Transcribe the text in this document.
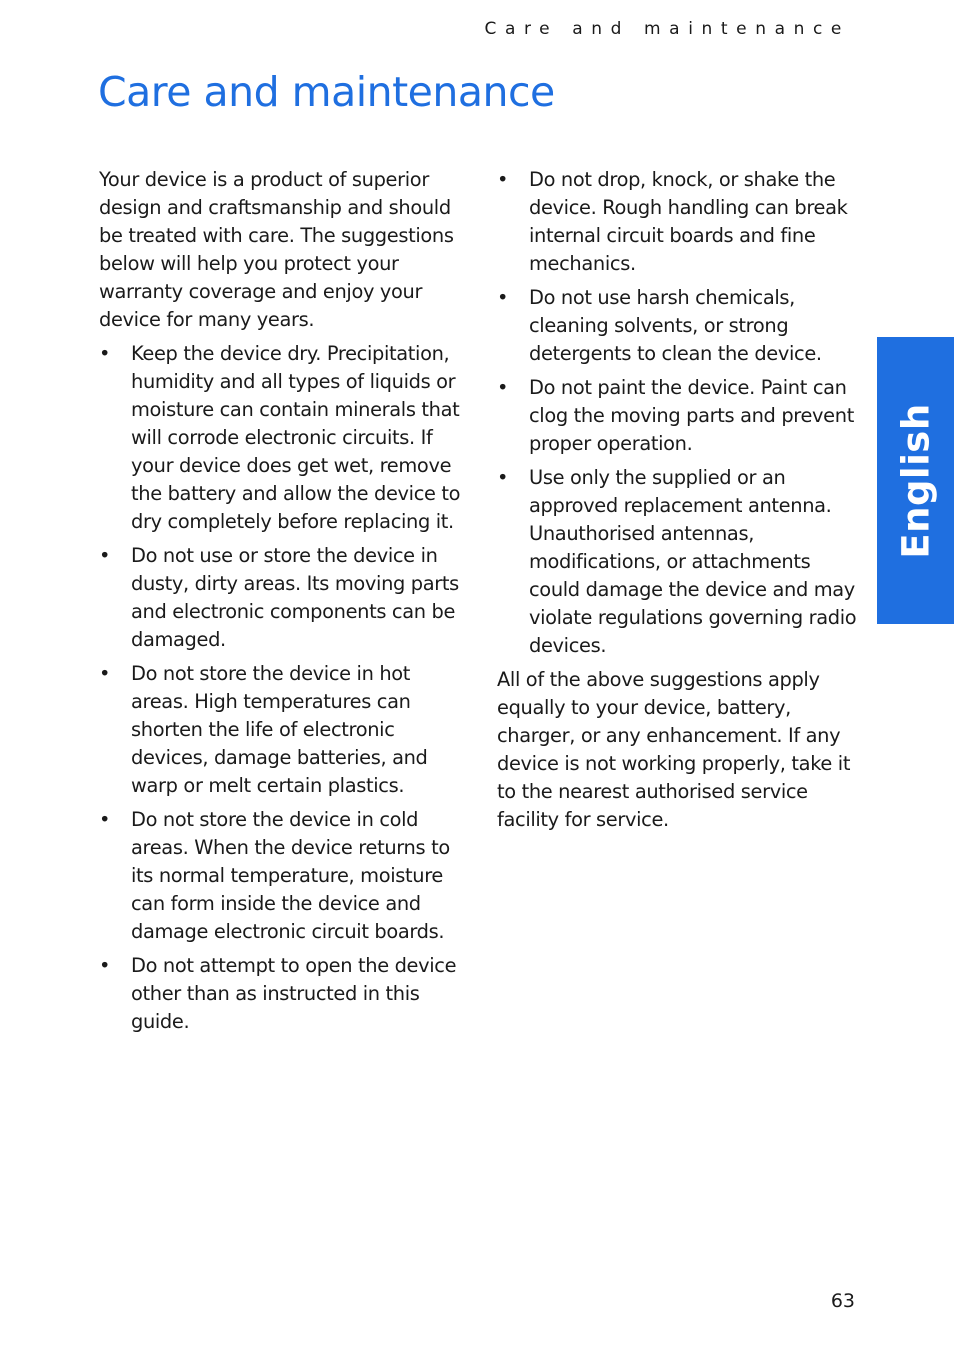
Care and maintenance
Care and maintenance

Your device is a product of superior design and craftsmanship and should be treated with care. The suggestions below will help you protect your warranty coverage and enjoy your device for many years.

• Keep the device dry. Precipitation, humidity and all types of liquids or moisture can contain minerals that will corrode electronic circuits. If your device does get wet, remove the battery and allow the device to dry completely before replacing it.
• Do not use or store the device in dusty, dirty areas. Its moving parts and electronic components can be damaged.
• Do not store the device in hot areas. High temperatures can shorten the life of electronic devices, damage batteries, and warp or melt certain plastics.
• Do not store the device in cold areas. When the device returns to its normal temperature, moisture can form inside the device and damage electronic circuit boards.
• Do not attempt to open the device other than as instructed in this guide.
• Do not drop, knock, or shake the device. Rough handling can break internal circuit boards and fine mechanics.
• Do not use harsh chemicals, cleaning solvents, or strong detergents to clean the device.
• Do not paint the device. Paint can clog the moving parts and prevent proper operation.
• Use only the supplied or an approved replacement antenna. Unauthorised antennas, modifications, or attachments could damage the device and may violate regulations governing radio devices.

All of the above suggestions apply equally to your device, battery, charger, or any enhancement. If any device is not working properly, take it to the nearest authorised service facility for service.

English
63
